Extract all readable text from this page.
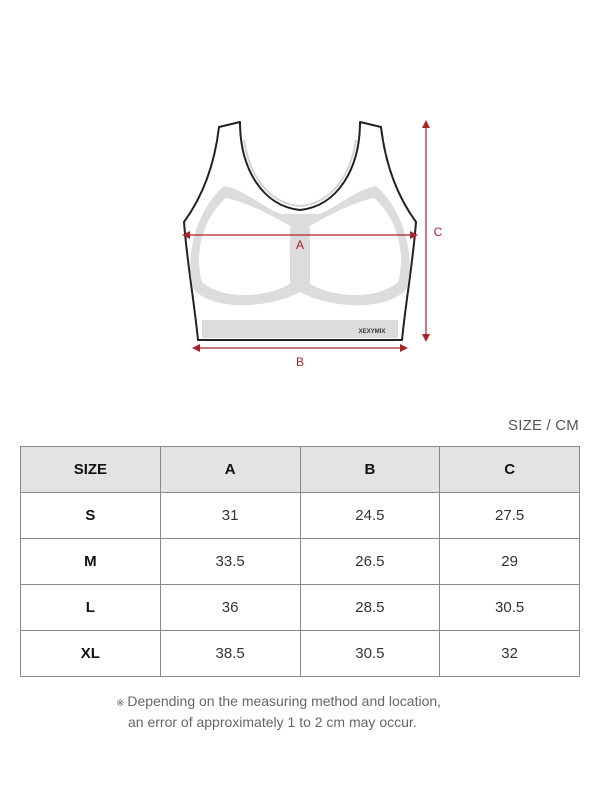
XEXYMIX
A
B
C
SIZE / CM
SIZE	A	B	C
S	31	24.5	27.5
M	33.5	26.5	29
L	36	28.5	30.5
XL	38.5	30.5	32
※ Depending on the measuring method and location,
an error of approximately 1 to 2 cm may occur.
